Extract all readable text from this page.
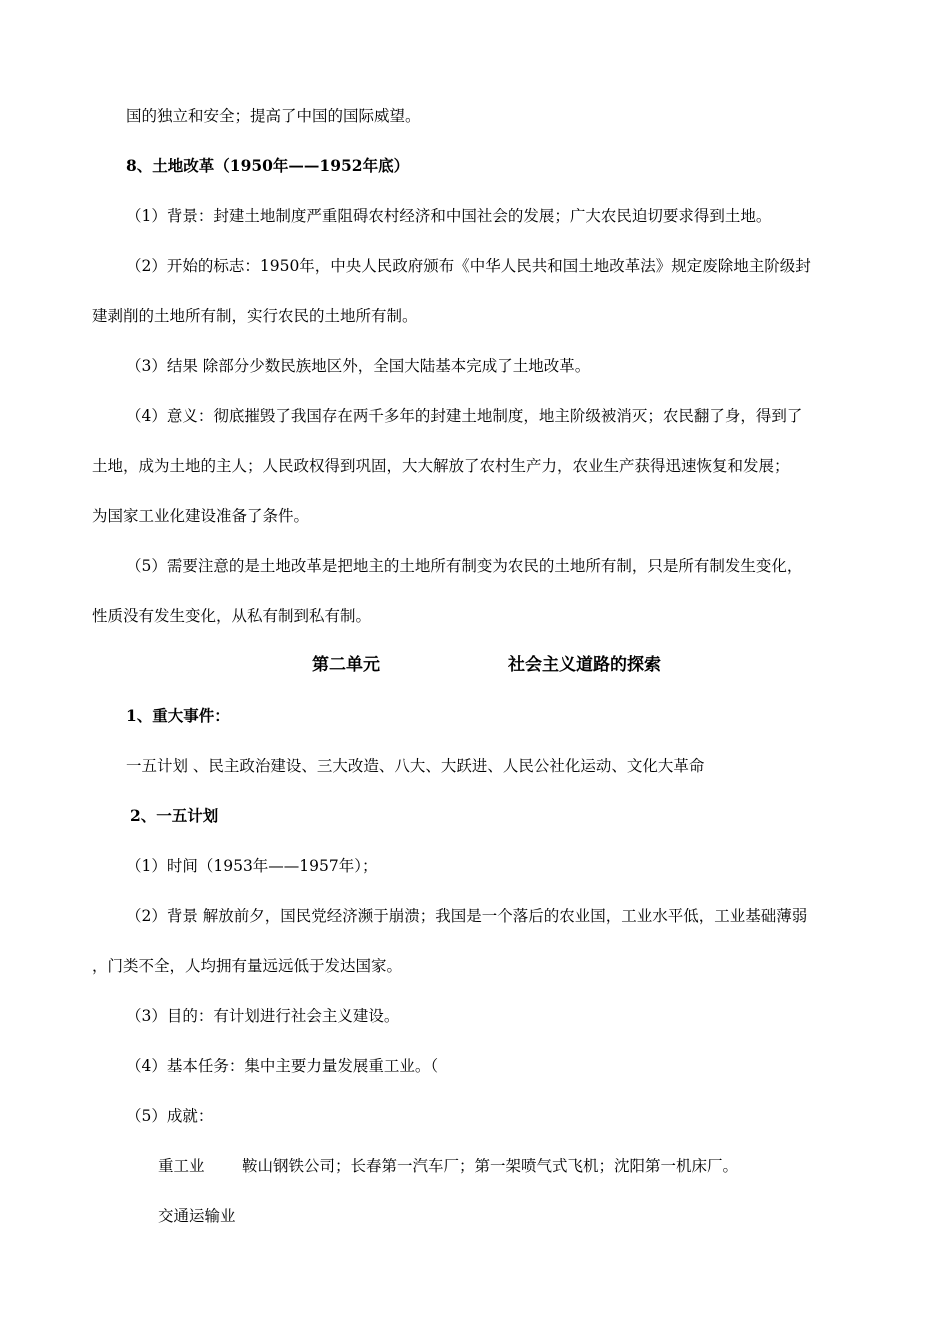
国的独立和安全；提高了中国的国际威望。
8、土地改革（1950年——1952年底）
（1）背景：封建土地制度严重阻碍农村经济和中国社会的发展；广大农民迫切要求得到土地。
（2）开始的标志：1950年，中央人民政府颁布《中华人民共和国土地改革法》规定废除地主阶级封
建剥削的土地所有制，实行农民的土地所有制。
（3）结果 除部分少数民族地区外，全国大陆基本完成了土地改革。
（4）意义：彻底摧毁了我国存在两千多年的封建土地制度，地主阶级被消灭；农民翻了身，得到了
土地，成为土地的主人；人民政权得到巩固，大大解放了农村生产力，农业生产获得迅速恢复和发展；
为国家工业化建设准备了条件。
（5）需要注意的是土地改革是把地主的土地所有制变为农民的土地所有制，只是所有制发生变化，
性质没有发生变化，从私有制到私有制。
第二单元	社会主义道路的探索
1、重大事件：
一五计划 、民主政治建设、三大改造、八大、大跃进、人民公社化运动、文化大革命
2、一五计划
（1）时间（1953年——1957年）；
（2）背景 解放前夕，国民党经济濒于崩溃；我国是一个落后的农业国，工业水平低，工业基础薄弱
，门类不全，人均拥有量远远低于发达国家。
（3）目的：有计划进行社会主义建设。
（4）基本任务：集中主要力量发展重工业。（
（5）成就：
重工业 鞍山钢铁公司；长春第一汽车厂；第一架喷气式飞机；沈阳第一机床厂。
交通运输业
